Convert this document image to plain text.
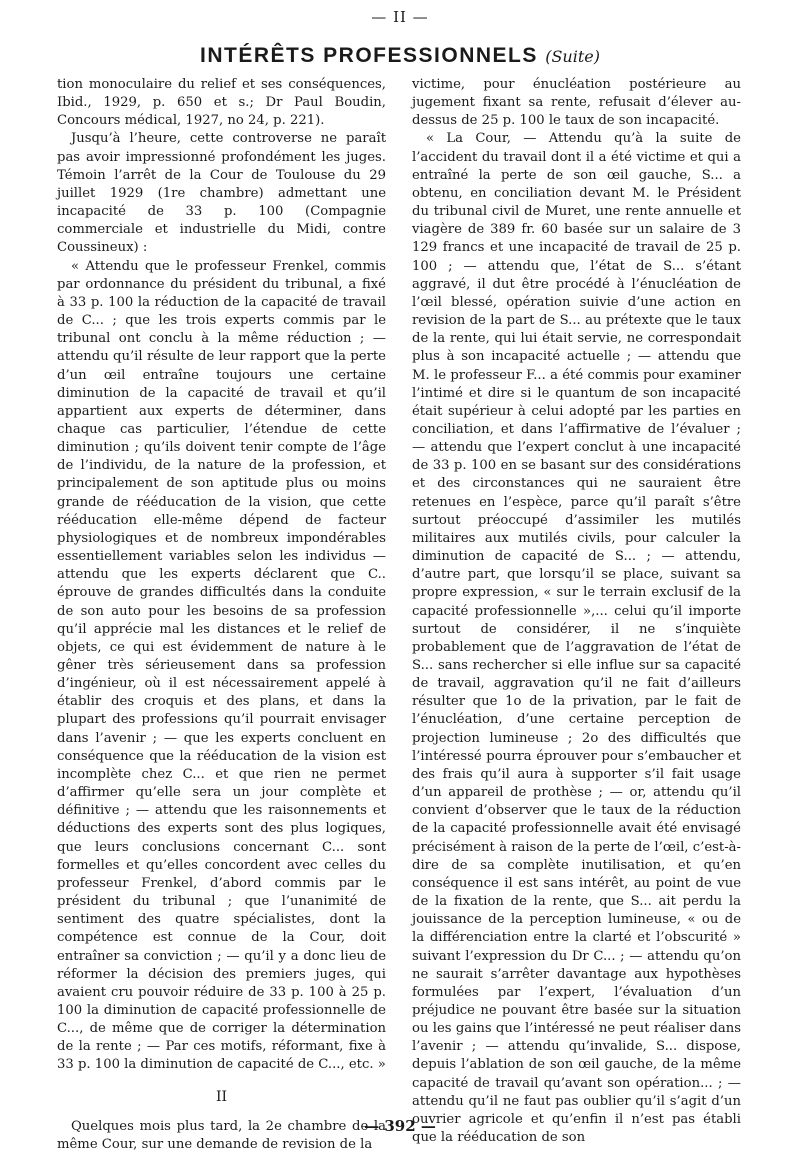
— II —
INTÉRÊTS PROFESSIONNELS (Suite)

tion monoculaire du relief et ses conséquences, Ibid., 1929, p. 650 et s.; Dr Paul Boudin, Concours médical, 1927, no 24, p. 221).

Jusqu’à l’heure, cette controverse ne paraît pas avoir impressionné profondément les juges. Témoin l’arrêt de la Cour de Toulouse du 29 juillet 1929 (1re chambre) admettant une incapacité de 33 p. 100 (Compagnie commerciale et industrielle du Midi, contre Coussineux) :

« Attendu que le professeur Frenkel, commis par ordonnance du président du tribunal, a fixé à 33 p. 100 la réduction de la capacité de travail de C... ; que les trois experts commis par le tribunal ont conclu à la même réduction ; — attendu qu’il résulte de leur rapport que la perte d’un œil entraîne toujours une certaine diminution de la capacité de travail et qu’il appartient aux experts de déterminer, dans chaque cas particulier, l’étendue de cette diminution ; qu’ils doivent tenir compte de l’âge de l’individu, de la nature de la profession, et principalement de son aptitude plus ou moins grande de rééducation de la vision, que cette rééducation elle-même dépend de facteur physiologiques et de nombreux impondérables essentiellement variables selon les individus — attendu que les experts déclarent que C.. éprouve de grandes difficultés dans la conduite de son auto pour les besoins de sa profession qu’il apprécie mal les distances et le relief de objets, ce qui est évidemment de nature à le gêner très sérieusement dans sa profession d’ingénieur, où il est nécessairement appelé à établir des croquis et des plans, et dans la plupart des professions qu’il pourrait envisager dans l’avenir ; — que les experts concluent en conséquence que la rééducation de la vision est incomplète chez C... et que rien ne permet d’affirmer qu’elle sera un jour complète et définitive ; — attendu que les raisonnements et déductions des experts sont des plus logiques, que leurs conclusions concernant C... sont formelles et qu’elles concordent avec celles du professeur Frenkel, d’abord commis par le président du tribunal ; que l’unanimité de sentiment des quatre spécialistes, dont la compétence est connue de la Cour, doit entraîner sa conviction ; — qu’il y a donc lieu de réformer la décision des premiers juges, qui avaient cru pouvoir réduire de 33 p. 100 à 25 p. 100 la diminution de capacité professionnelle de C..., de même que de corriger la détermination de la rente ; — Par ces motifs, réformant, fixe à 33 p. 100 la diminution de capacité de C..., etc. »

II

Quelques mois plus tard, la 2e chambre de la même Cour, sur une demande de revision de la

victime, pour énucléation postérieure au jugement fixant sa rente, refusait d’élever au-dessus de 25 p. 100 le taux de son incapacité.

« La Cour, — Attendu qu’à la suite de l’accident du travail dont il a été victime et qui a entraîné la perte de son œil gauche, S... a obtenu, en conciliation devant M. le Président du tribunal civil de Muret, une rente annuelle et viagère de 389 fr. 60 basée sur un salaire de 3 129 francs et une incapacité de travail de 25 p. 100 ; — attendu que, l’état de S... s’étant aggravé, il dut être procédé à l’énucléation de l’œil blessé, opération suivie d’une action en revision de la part de S... au prétexte que le taux de la rente, qui lui était servie, ne correspondait plus à son incapacité actuelle ; — attendu que M. le professeur F... a été commis pour examiner l’intimé et dire si le quantum de son incapacité était supérieur à celui adopté par les parties en conciliation, et dans l’affirmative de l’évaluer ; — attendu que l’expert conclut à une incapacité de 33 p. 100 en se basant sur des considérations et des circonstances qui ne sauraient être retenues en l’espèce, parce qu’il paraît s’être surtout préoccupé d’assimiler les mutilés militaires aux mutilés civils, pour calculer la diminution de capacité de S... ; — attendu, d’autre part, que lorsqu’il se place, suivant sa propre expression, « sur le terrain exclusif de la capacité professionnelle »,... celui qu’il importe surtout de considérer, il ne s’inquiète probablement que de l’aggravation de l’état de S... sans rechercher si elle influe sur sa capacité de travail, aggravation qu’il ne fait d’ailleurs résulter que 1o de la privation, par le fait de l’énucléation, d’une certaine perception de projection lumineuse ; 2o des difficultés que l’intéressé pourra éprouver pour s’embaucher et des frais qu’il aura à supporter s’il fait usage d’un appareil de prothèse ; — or, attendu qu’il convient d’observer que le taux de la réduction de la capacité professionnelle avait été envisagé précisément à raison de la perte de l’œil, c’est-à-dire de sa complète inutilisation, et qu’en conséquence il est sans intérêt, au point de vue de la fixation de la rente, que S... ait perdu la jouissance de la perception lumineuse, « ou de la différenciation entre la clarté et l’obscurité » suivant l’expression du Dr C... ; — attendu qu’on ne saurait s’arrêter davantage aux hypothèses formulées par l’expert, l’évaluation d’un préjudice ne pouvant être basée sur la situation ou les gains que l’intéressé ne peut réaliser dans l’avenir ; — attendu qu’invalide, S... dispose, depuis l’ablation de son œil gauche, de la même capacité de travail qu’avant son opération... ; — attendu qu’il ne faut pas oublier qu’il s’agit d’un ouvrier agricole et qu’enfin il n’est pas établi que la rééducation de son

— 392 —
